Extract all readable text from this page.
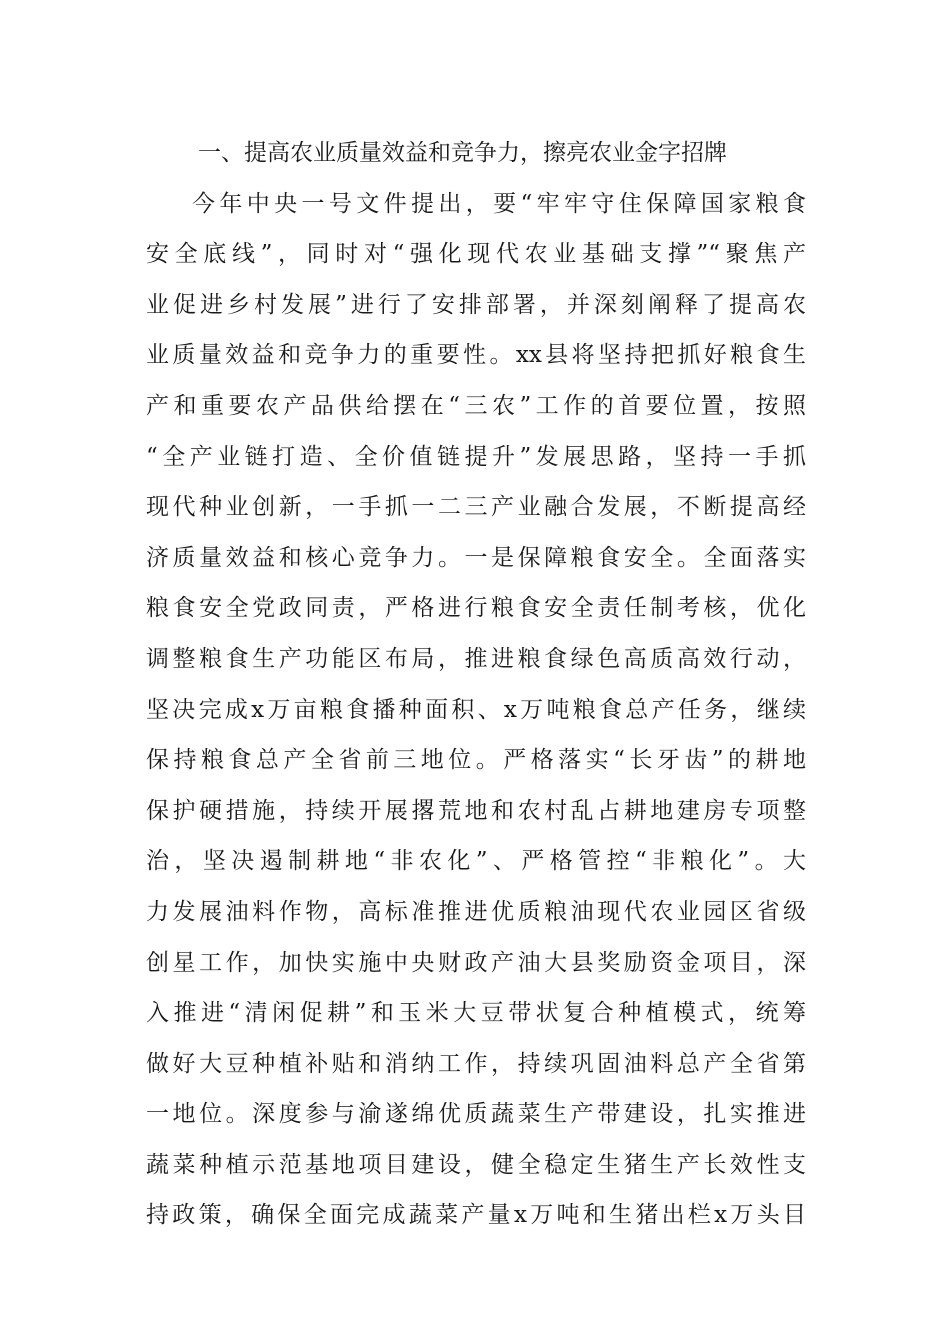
一、提高农业质量效益和竞争力，擦亮农业金字招牌
今年中央一号文件提出，要“牢牢守住保障国家粮食
安全底线”，同时对“强化现代农业基础支撑”“聚焦产
业促进乡村发展”进行了安排部署，并深刻阐释了提高农
业质量效益和竞争力的重要性。xx县将坚持把抓好粮食生
产和重要农产品供给摆在“三农”工作的首要位置，按照
“全产业链打造、全价值链提升”发展思路，坚持一手抓
现代种业创新，一手抓一二三产业融合发展，不断提高经
济质量效益和核心竞争力。一是保障粮食安全。全面落实
粮食安全党政同责，严格进行粮食安全责任制考核，优化
调整粮食生产功能区布局，推进粮食绿色高质高效行动，
坚决完成x万亩粮食播种面积、x万吨粮食总产任务，继续
保持粮食总产全省前三地位。严格落实“长牙齿”的耕地
保护硬措施，持续开展撂荒地和农村乱占耕地建房专项整
治，坚决遏制耕地“非农化”、严格管控“非粮化”。大
力发展油料作物，高标准推进优质粮油现代农业园区省级
创星工作，加快实施中央财政产油大县奖励资金项目，深
入推进“清闲促耕”和玉米大豆带状复合种植模式，统筹
做好大豆种植补贴和消纳工作，持续巩固油料总产全省第
一地位。深度参与渝遂绵优质蔬菜生产带建设，扎实推进
蔬菜种植示范基地项目建设，健全稳定生猪生产长效性支
持政策，确保全面完成蔬菜产量x万吨和生猪出栏x万头目
